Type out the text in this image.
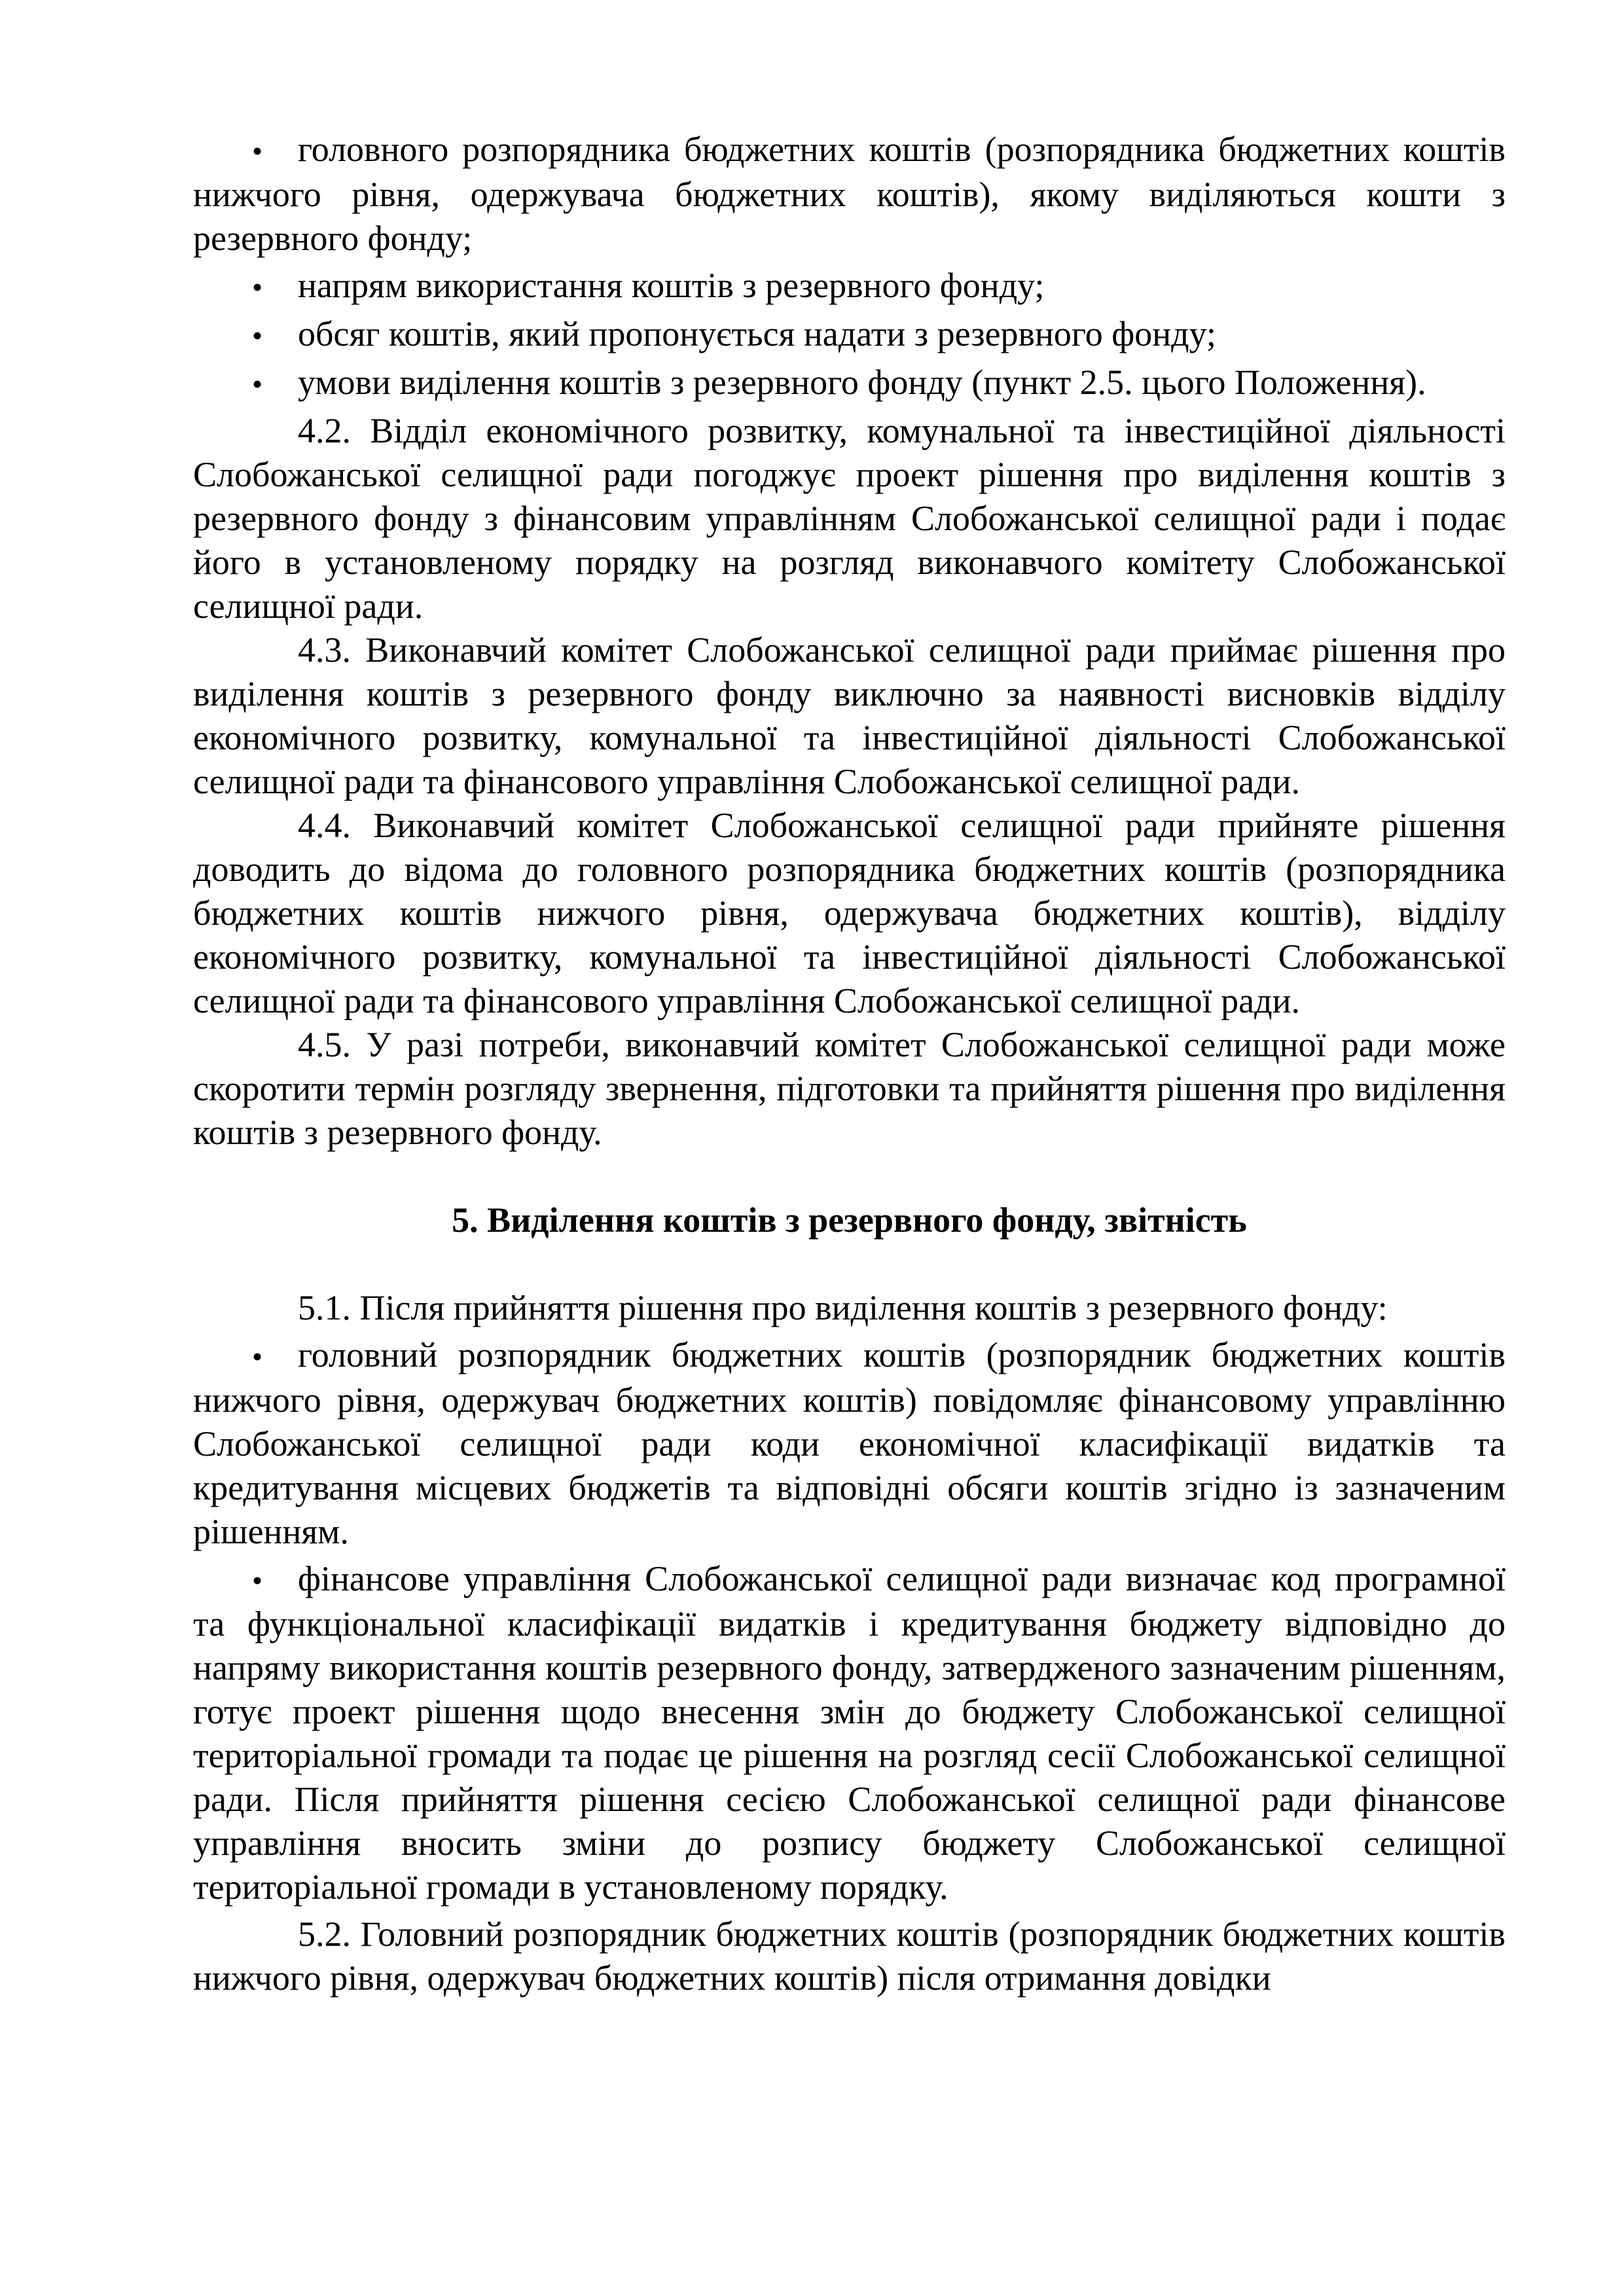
• головного розпорядника бюджетних коштів (розпорядника бюджетних коштів нижчого рівня, одержувача бюджетних коштів), якому виділяються кошти з резервного фонду;

• напрям використання коштів з резервного фонду;

• обсяг коштів, який пропонується надати з резервного фонду;

• умови виділення коштів з резервного фонду (пункт 2.5. цього Положення).

4.2. Відділ економічного розвитку, комунальної та інвестиційної діяльності Слобожанської селищної ради погоджує проект рішення про виділення коштів з резервного фонду з фінансовим управлінням Слобожанської селищної ради і подає його в установленому порядку на розгляд виконавчого комітету Слобожанської селищної ради.

4.3. Виконавчий комітет Слобожанської селищної ради приймає рішення про виділення коштів з резервного фонду виключно за наявності висновків відділу економічного розвитку, комунальної та інвестиційної діяльності Слобожанської селищної ради та фінансового управління Слобожанської селищної ради.

4.4. Виконавчий комітет Слобожанської селищної ради прийняте рішення доводить до відома до головного розпорядника бюджетних коштів (розпорядника бюджетних коштів нижчого рівня, одержувача бюджетних коштів), відділу економічного розвитку, комунальної та інвестиційної діяльності Слобожанської селищної ради та фінансового управління Слобожанської селищної ради.

4.5. У разі потреби, виконавчий комітет Слобожанської селищної ради може скоротити термін розгляду звернення, підготовки та прийняття рішення про виділення коштів з резервного фонду.

5. Виділення коштів з резервного фонду, звітність

5.1. Після прийняття рішення про виділення коштів з резервного фонду:

• головний розпорядник бюджетних коштів (розпорядник бюджетних коштів нижчого рівня, одержувач бюджетних коштів) повідомляє фінансовому управлінню Слобожанської селищної ради коди економічної класифікації видатків та кредитування місцевих бюджетів та відповідні обсяги коштів згідно із зазначеним рішенням.

• фінансове управління Слобожанської селищної ради визначає код програмної та функціональної класифікації видатків і кредитування бюджету відповідно до напряму використання коштів резервного фонду, затвердженого зазначеним рішенням, готує проект рішення щодо внесення змін до бюджету Слобожанської селищної територіальної громади та подає це рішення на розгляд сесії Слобожанської селищної ради. Після прийняття рішення сесією Слобожанської селищної ради фінансове управління вносить зміни до розпису бюджету Слобожанської селищної територіальної громади в установленому порядку.

5.2. Головний розпорядник бюджетних коштів (розпорядник бюджетних коштів нижчого рівня, одержувач бюджетних коштів) після отримання довідки
